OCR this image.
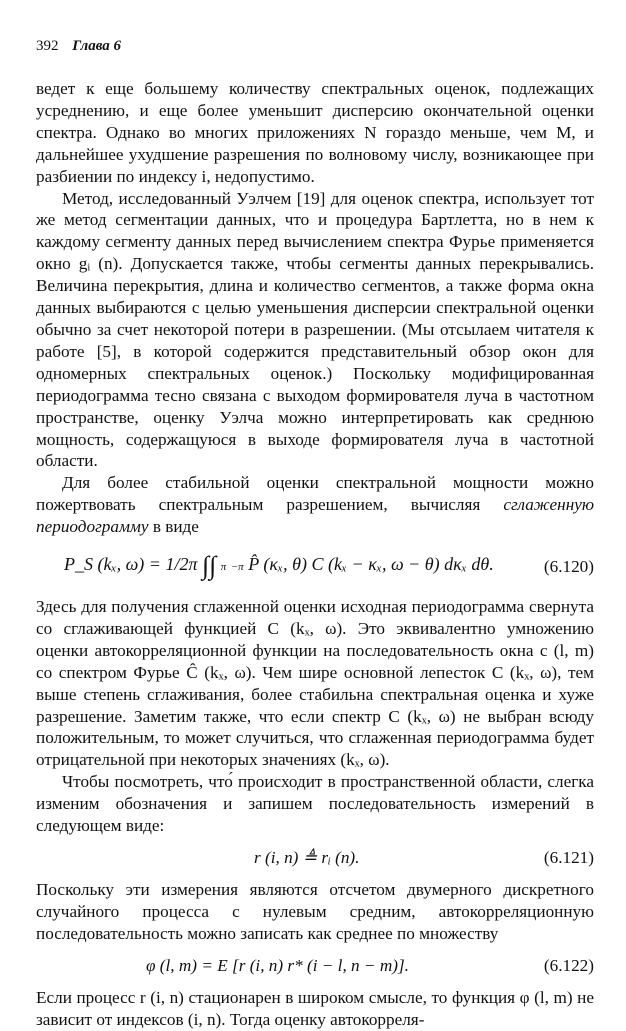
392 Глава 6

ведет к еще большему количеству спектральных оценок, подлежащих усреднению, и еще более уменьшит дисперсию окончательной оценки спектра. Однако во многих приложениях N гораздо меньше, чем M, и дальнейшее ухудшение разрешения по волновому числу, возникающее при разбиении по индексу i, недопустимо.

Метод, исследованный Уэлчем [19] для оценок спектра, использует тот же метод сегментации данных, что и процедура Бартлетта, но в нем к каждому сегменту данных перед вычислением спектра Фурье применяется окно gᵢ (n). Допускается также, чтобы сегменты данных перекрывались. Величина перекрытия, длина и количество сегментов, а также форма окна данных выбираются с целью уменьшения дисперсии спектральной оценки обычно за счет некоторой потери в разрешении. (Мы отсылаем читателя к работе [5], в которой содержится представительный обзор окон для одномерных спектральных оценок.) Поскольку модифицированная периодограмма тесно связана с выходом формирователя луча в частотном пространстве, оценку Уэлча можно интерпретировать как среднюю мощность, содержащуюся в выходе формирователя луча в частотной области.

Для более стабильной оценки спектральной мощности можно пожертвовать спектральным разрешением, вычисляя сглаженную периодограмму в виде

P_S (kₓ, ω) = 1/2π ∫∫ π −π P̂ (κₓ, θ) C (kₓ − κₓ, ω − θ) dκₓ dθ.	(6.120)

Здесь для получения сглаженной оценки исходная периодограмма свернута со сглаживающей функцией C (kₓ, ω). Это эквивалентно умножению оценки автокорреляционной функции на последовательность окна c (l, m) со спектром Фурье Ĉ (kₓ, ω). Чем шире основной лепесток C (kₓ, ω), тем выше степень сглаживания, более стабильна спектральная оценка и хуже разрешение. Заметим также, что если спектр C (kₓ, ω) не выбран всюду положительным, то может случиться, что сглаженная периодограмма будет отрицательной при некоторых значениях (kₓ, ω).

Чтобы посмотреть, что́ происходит в пространственной области, слегка изменим обозначения и запишем последовательность измерений в следующем виде:

r (i, n) ≜ rᵢ (n).	(6.121)

Поскольку эти измерения являются отсчетом двумерного дискретного случайного процесса с нулевым средним, автокорреляционную последовательность можно записать как среднее по множеству

φ (l, m) = E [r (i, n) r* (i − l, n − m)].	(6.122)

Если процесс r (i, n) стационарен в широком смысле, то функция φ (l, m) не зависит от индексов (i, n). Тогда оценку автокорреля-
